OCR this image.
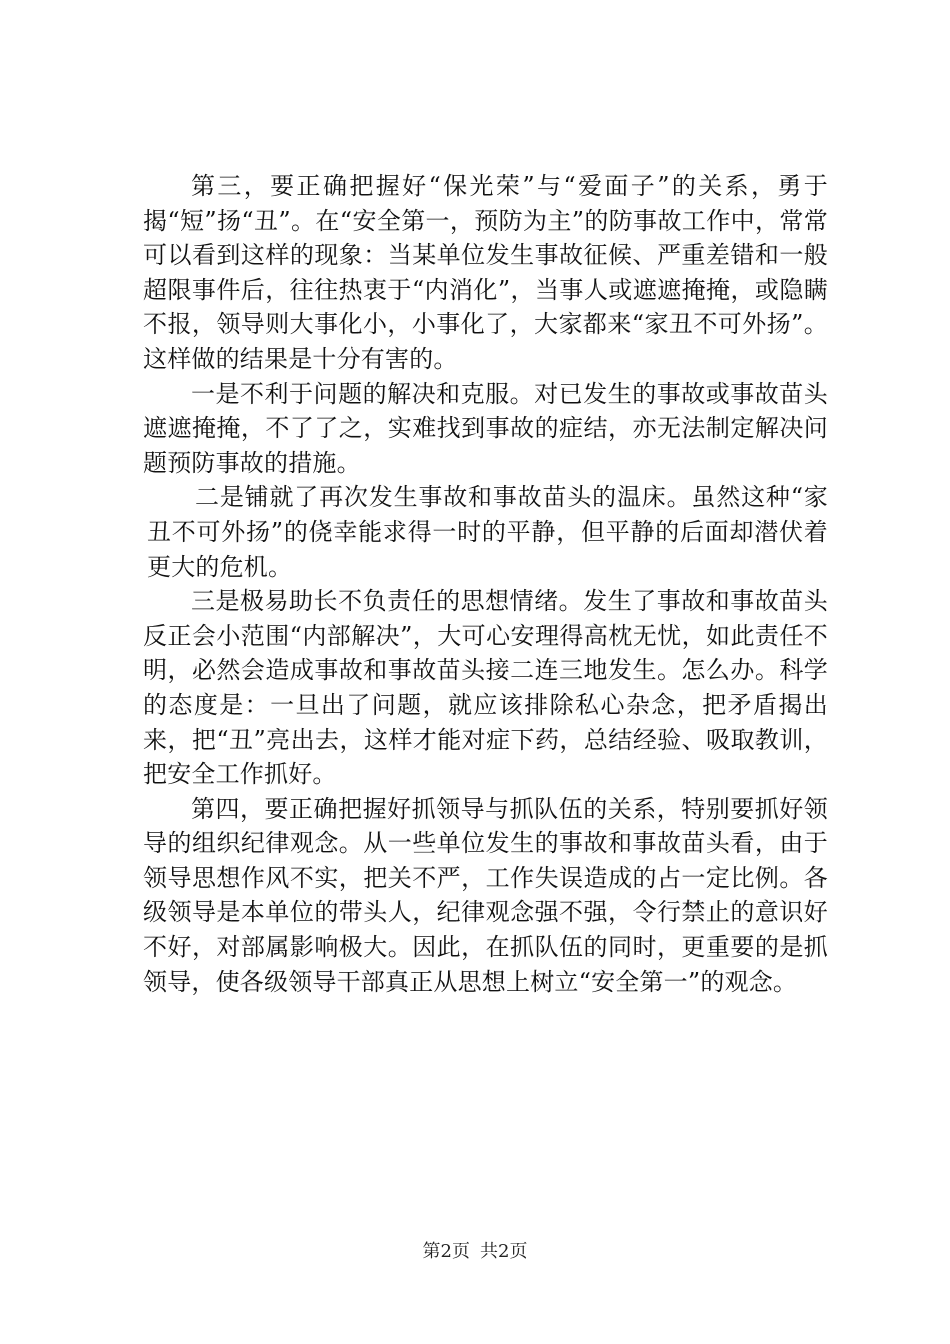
第三，要正确把握好“保光荣”与“爱面子”的关系，勇于揭“短”扬“丑”。在“安全第一，预防为主”的防事故工作中，常常可以看到这样的现象：当某单位发生事故征候、严重差错和一般超限事件后，往往热衷于“内消化”，当事人或遮遮掩掩，或隐瞒不报，领导则大事化小，小事化了，大家都来“家丑不可外扬”。这样做的结果是十分有害的。

一是不利于问题的解决和克服。对已发生的事故或事故苗头遮遮掩掩，不了了之，实难找到事故的症结，亦无法制定解决问题预防事故的措施。

二是铺就了再次发生事故和事故苗头的温床。虽然这种“家丑不可外扬”的侥幸能求得一时的平静，但平静的后面却潜伏着更大的危机。

三是极易助长不负责任的思想情绪。发生了事故和事故苗头反正会小范围“内部解决”，大可心安理得高枕无忧，如此责任不明，必然会造成事故和事故苗头接二连三地发生。怎么办。科学的态度是：一旦出了问题，就应该排除私心杂念，把矛盾揭出来，把“丑”亮出去，这样才能对症下药，总结经验、吸取教训，把安全工作抓好。

第四，要正确把握好抓领导与抓队伍的关系，特别要抓好领导的组织纪律观念。从一些单位发生的事故和事故苗头看，由于领导思想作风不实，把关不严，工作失误造成的占一定比例。各级领导是本单位的带头人，纪律观念强不强，令行禁止的意识好不好，对部属影响极大。因此，在抓队伍的同时，更重要的是抓领导，使各级领导干部真正从思想上树立“安全第一”的观念。

第2页 共2页
